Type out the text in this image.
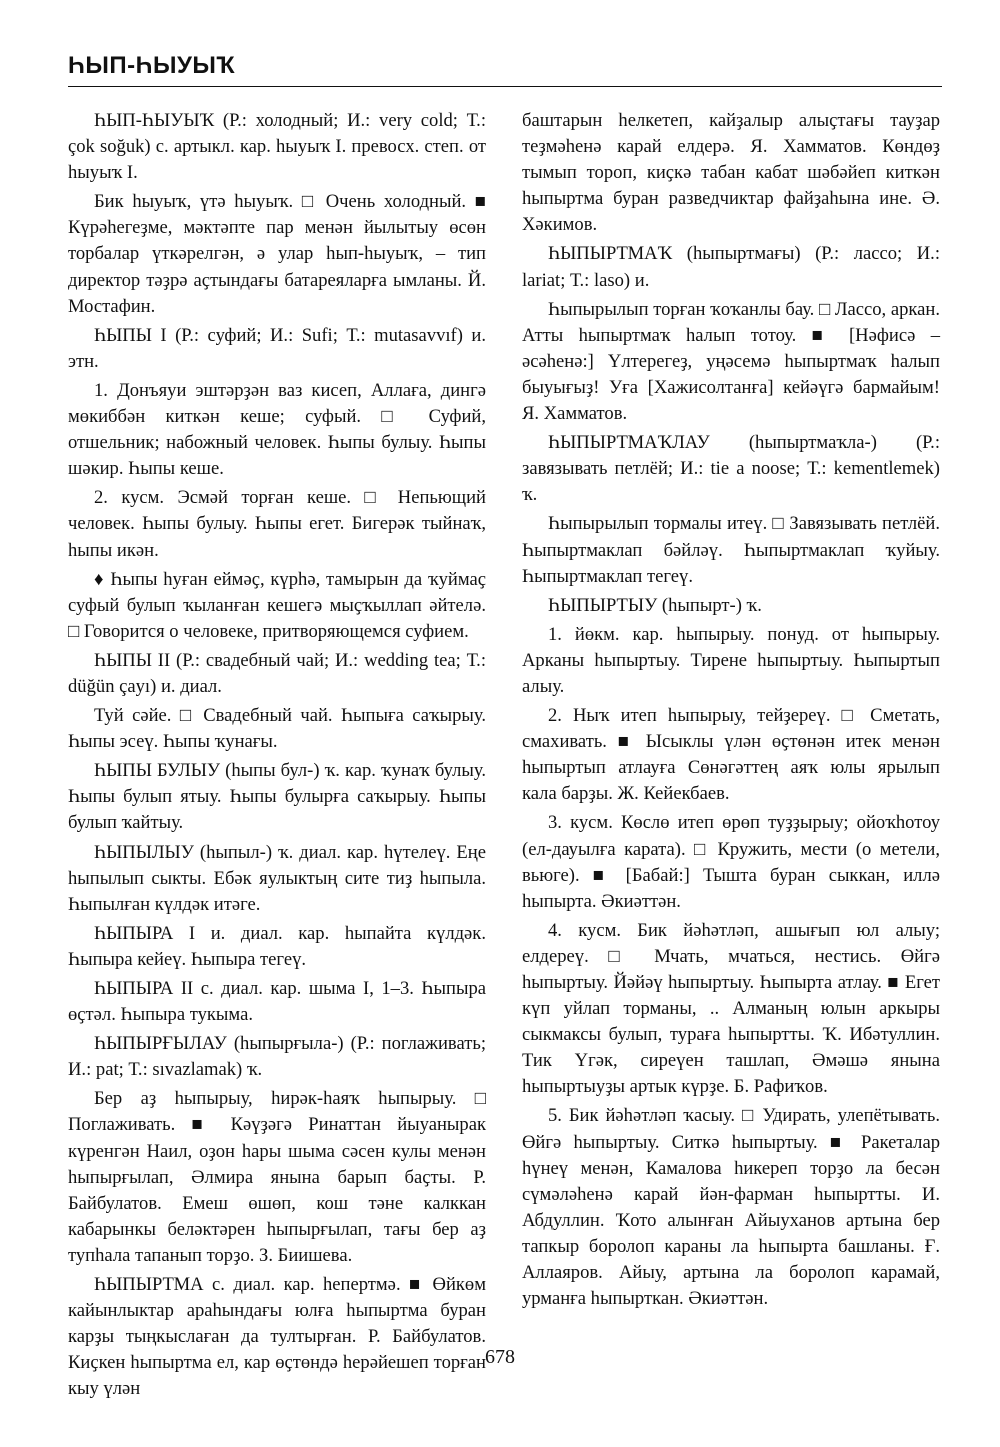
ҺЫП-ҺЫУЫҠ

ҺЫП-ҺЫУЫҠ (Р.: холодный; И.: very cold; Т.: çok soğuk) с. артыкл. кар. һыуыҡ I. превосх. степ. от һыуыҡ I.

Бик һыуыҡ, үтә һыуыҡ. □ Очень холодный. ■ Күрәһегеҙме, мәктәпте пар менән йылытыу өсөн торбалар үткәрелгән, ә улар һып-һыуыҡ, – тип директор тәҙрә аҫтындағы батареяларға ымланы. Й. Мостафин.

ҺЫПЫ I (Р.: суфий; И.: Sufi; Т.: mutasavvıf) и. этн.

1. Донъяуи эштәрҙән ваз кисеп, Аллаға, дингә мөкиббән киткән кеше; суфый. □ Суфий, отшельник; набожный человек. Һыпы булыу. Һыпы шәкир. Һыпы кеше.

2. кусм. Эсмәй торған кеше. □ Непьющий человек. Һыпы булыу. Һыпы егет. Бигерәк тыйнаҡ, һыпы икән.

♦ Һыпы һуған еймәҫ, күрһә, тамырын да ҡуймаҫ суфый булып ҡыланған кешегә мыҫҡыллап әйтелә. □ Говорится о человеке, притворяющемся суфием.

ҺЫПЫ II (Р.: свадебный чай; И.: wedding tea; Т.: düğün çayı) и. диал.

Туй сәйе. □ Свадебный чай. Һыпыға саҡырыу. Һыпы эсеү. Һыпы ҡунағы.

ҺЫПЫ БУЛЫУ (һыпы бул-) ҡ. кар. ҡунаҡ булыу. Һыпы булып ятыу. Һыпы булырға саҡырыу. Һыпы булып ҡайтыу.

ҺЫПЫЛЫУ (һыпыл-) ҡ. диал. кар. һүтелеү. Еңе һыпылып сыкты. Ебәк яулыктың сите тиҙ һыпыла. Һыпылған күлдәк итәге.

ҺЫПЫРА I и. диал. кар. һыпайта күлдәк. Һыпыра кейеү. Һыпыра тегеү.

ҺЫПЫРА II с. диал. кар. шыма I, 1–3. Һыпыра өҫтәл. Һыпыра тукыма.

ҺЫПЫРҒЫЛАУ (һыпырғыла-) (Р.: поглаживать; И.: pat; Т.: sıvazlamak) ҡ.

Бер аҙ һыпырыу, һирәк-һаяҡ һыпырыу. □ Поглаживать. ■ Кәүҙәгә Ринаттан йыуанырак күренгән Наил, оҙон һары шыма сәсен кулы менән һыпырғылап, Әлмира янына барып баҫты. Р. Байбулатов. Емеш өшөп, кош тәне калккан кабарынкы беләктәрен һыпырғылап, тағы бер аҙ тупһала тапанып торҙо. З. Биишева.

ҺЫПЫРТМА с. диал. кар. һепертмә. ■ Өйкөм кайынлыктар араһындағы юлға һыпыртма буран карҙы тыңкыслаған да тултырған. Р. Байбулатов. Киҫкен һыпыртма ел, кар өҫтөндә һерәйешеп торған кыу үлән

баштарын һелкетеп, кайҙалыр алыҫтағы тауҙар теҙмәһенә карай елдерә. Я. Хамматов. Көндөҙ тымып тороп, киҫкә табан кабат шәбәйеп киткән һыпыртма буран разведчиктар файҙаһына ине. Ә. Хәкимов.

ҺЫПЫРТМАҠ (һыпыртмағы) (Р.: лассо; И.: lariat; Т.: laso) и.

Һыпырылып торған ҡоҡанлы бау. □ Лассо, аркан. Атты һыпыртмаҡ һалып тотоу. ■ [Нәфисә – әсәһенә:] Үлтерегеҙ, уңәсемә һыпыртмаҡ һалып быуығыҙ! Уға [Хажисолтанға] кейәүгә бармайым! Я. Хамматов.

ҺЫПЫРТМАҠЛАУ (һыпыртмаҡла-) (Р.: завязывать петлёй; И.: tie a noose; Т.: kementlemek) ҡ.

Һыпырылып тормалы итеү. □ Завязывать петлёй. Һыпыртмаклап бәйләү. Һыпыртмаклап ҡуйыу. Һыпыртмаклап тегеү.

ҺЫПЫРТЫУ (һыпырт-) ҡ.

1. йөкм. кар. һыпырыу. понуд. от һыпырыу. Арканы һыпыртыу. Тирене һыпыртыу. Һыпыртып алыу.

2. Ныҡ итеп һыпырыу, тейҙереү. □ Сметать, смахивать. ■ Ысыклы үлән өҫтөнән итек менән һыпыртып атлауға Сөнәгәттең аяҡ юлы ярылып кала барҙы. Ж. Кейекбаев.

3. кусм. Көслө итеп өрөп туҙҙырыу; ойоҡһотоу (ел-дауылға карата). □ Кружить, мести (о метели, вьюге). ■ [Бабай:] Тышта буран сыккан, иллә һыпырта. Әкиәттән.

4. кусм. Бик йәһәтләп, ашығып юл алыу; елдереү. □ Мчать, мчаться, нестись. Өйгә һыпыртыу. Йәйәү һыпыртыу. Һыпырта атлау. ■ Егет күп уйлап торманы, .. Алманың юлын аркыры сыкмаксы булып, тураға һыпыртты. Ҡ. Ибәтуллин. Тик Үгәк, сиреүен ташлап, Әмәшә янына һыпыртыуҙы артык күрҙе. Б. Рафиҡов.

5. Бик йәһәтләп ҡасыу. □ Удирать, улепётывать. Өйгә һыпыртыу. Ситкә һыпыртыу. ■ Ракеталар һүнеү менән, Камалова һикереп торҙо ла бесән сүмәләһенә карай йән-фарман һыпыртты. И. Абдуллин. Ҡото алынған Айыуханов артына бер тапкыр боролоп караны ла һыпырта башланы. Ғ. Аллаяров. Айыу, артына ла боролоп карамай, урманға һыпырткан. Әкиәттән.

678
